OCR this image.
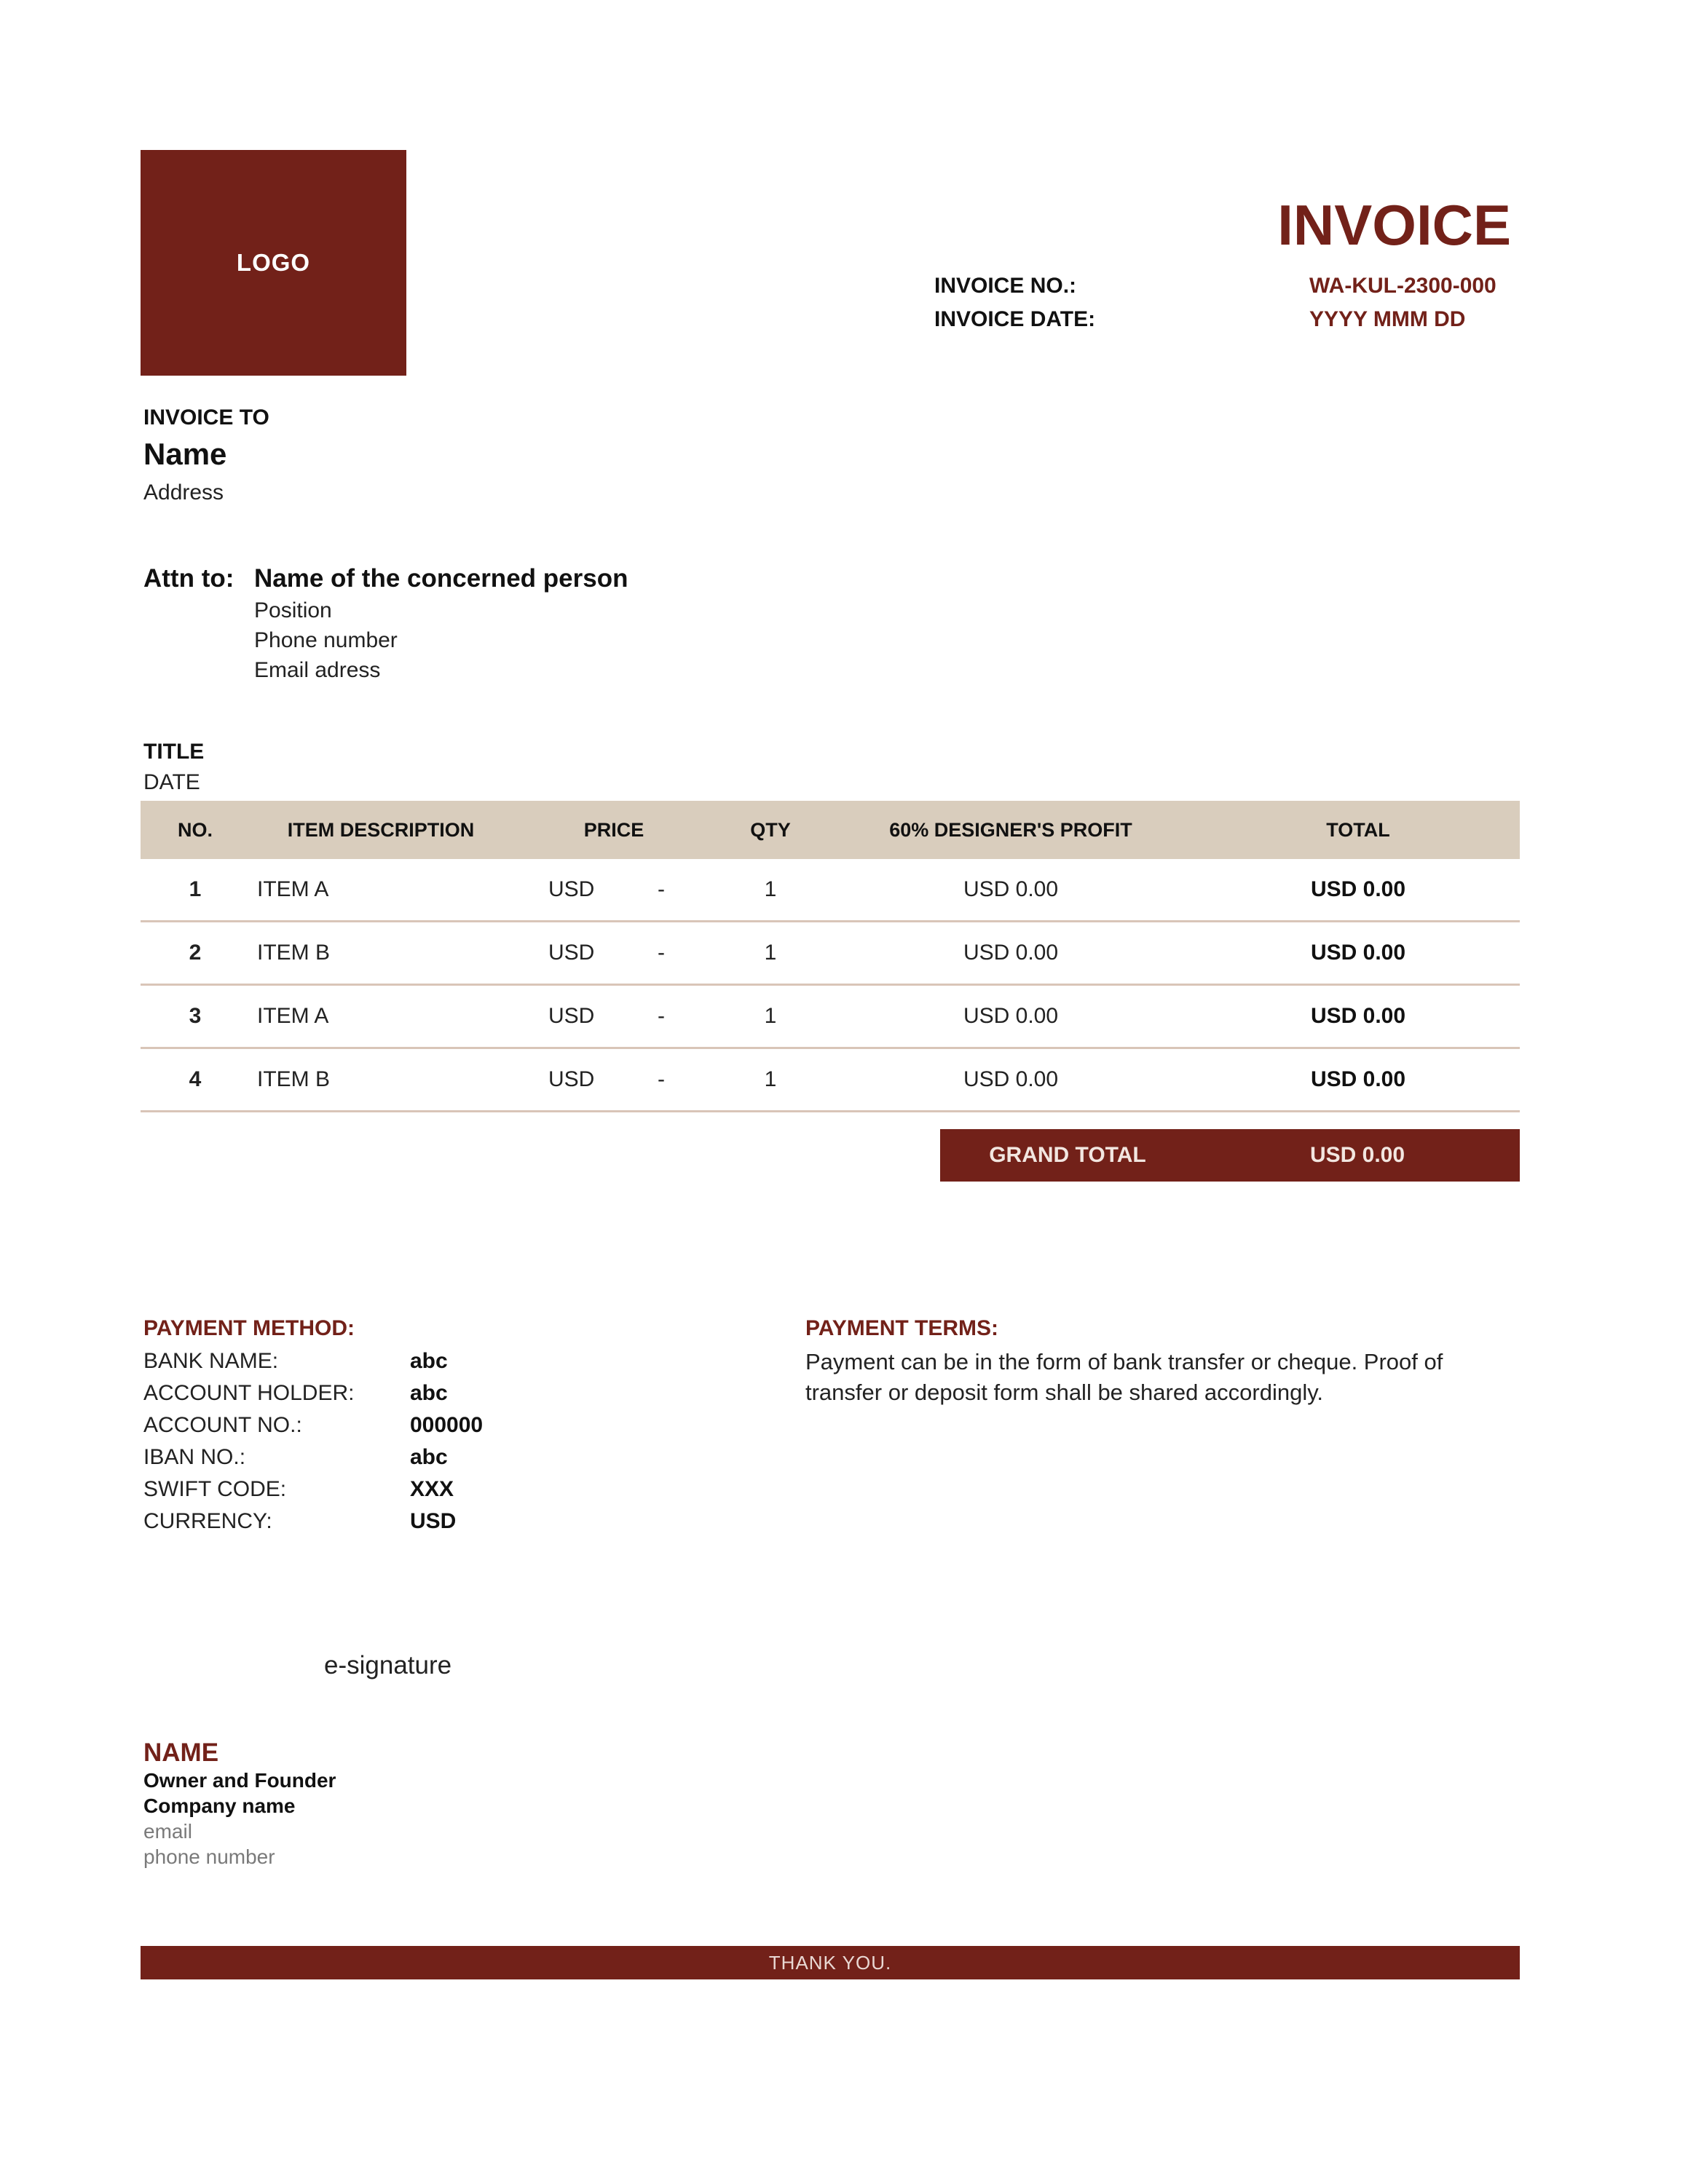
LOGO
INVOICE
INVOICE NO.:	WA-KUL-2300-000
INVOICE DATE:	YYYY MMM DD
INVOICE TO
Name
Address
Attn to: Name of the concerned person
Position
Phone number
Email adress
TITLE
DATE
NO.	ITEM DESCRIPTION	PRICE	QTY	60% DESIGNER'S PROFIT	TOTAL
1	ITEM A	USD	-	1	USD 0.00	USD 0.00
2	ITEM B	USD	-	1	USD 0.00	USD 0.00
3	ITEM A	USD	-	1	USD 0.00	USD 0.00
4	ITEM B	USD	-	1	USD 0.00	USD 0.00
GRAND TOTAL	USD 0.00
PAYMENT METHOD:
BANK NAME:	abc
ACCOUNT HOLDER:	abc
ACCOUNT NO.:	000000
IBAN NO.:	abc
SWIFT CODE:	XXX
CURRENCY:	USD
PAYMENT TERMS:
Payment can be in the form of bank transfer or cheque. Proof of transfer or deposit form shall be shared accordingly.
e-signature
NAME
Owner and Founder
Company name
email
phone number
THANK YOU.
